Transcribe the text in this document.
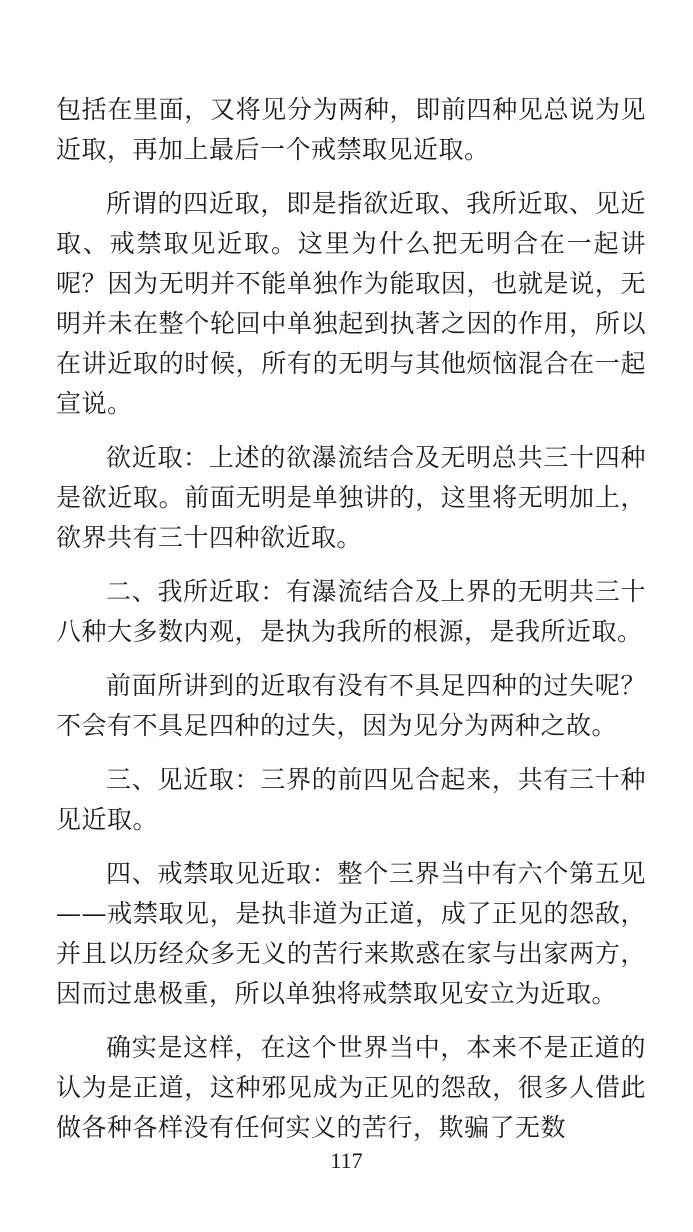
包括在里面，又将见分为两种，即前四种见总说为见近取，再加上最后一个戒禁取见近取。

所谓的四近取，即是指欲近取、我所近取、见近取、戒禁取见近取。这里为什么把无明合在一起讲呢？因为无明并不能单独作为能取因，也就是说，无明并未在整个轮回中单独起到执著之因的作用，所以在讲近取的时候，所有的无明与其他烦恼混合在一起宣说。

欲近取：上述的欲瀑流结合及无明总共三十四种是欲近取。前面无明是单独讲的，这里将无明加上，欲界共有三十四种欲近取。

二、我所近取：有瀑流结合及上界的无明共三十八种大多数内观，是执为我所的根源，是我所近取。

前面所讲到的近取有没有不具足四种的过失呢？不会有不具足四种的过失，因为见分为两种之故。

三、见近取：三界的前四见合起来，共有三十种见近取。

四、戒禁取见近取：整个三界当中有六个第五见——戒禁取见，是执非道为正道，成了正见的怨敌，并且以历经众多无义的苦行来欺惑在家与出家两方，因而过患极重，所以单独将戒禁取见安立为近取。

确实是这样，在这个世界当中，本来不是正道的认为是正道，这种邪见成为正见的怨敌，很多人借此做各种各样没有任何实义的苦行，欺骗了无数

117
